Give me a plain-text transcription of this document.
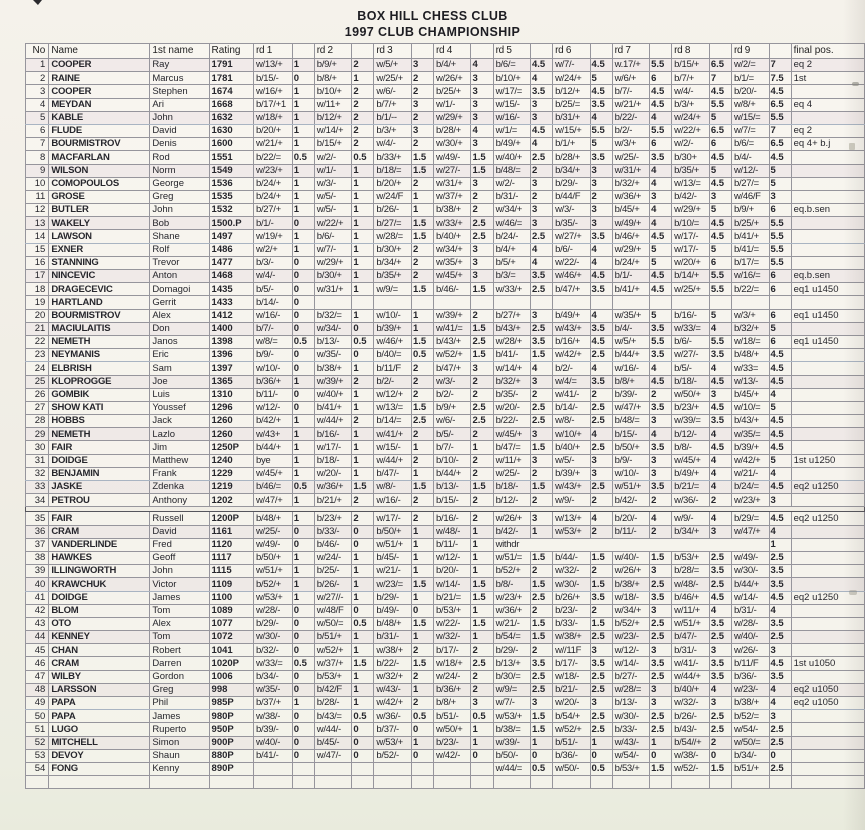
BOX HILL CHESS CLUB
1997 CLUB CHAMPIONSHIP
No	Name	1st name	Rating	rd 1		rd 2		rd 3		rd 4		rd 5		rd 6		rd 7		rd 8		rd 9		final pos.
1	COOPER	Ray	1791	w/13/+	1	b/9/+	2	w/5/+	3	b/4/+	4	b/6/=	4.5	w/7/-	4.5	w.17/+	5.5	b/15/+	6.5	w/2/=	7	eq 2
2	RAINE	Marcus	1781	b/15/-	0	b/8/+	1	w/25/+	2	w/26/+	3	b/10/+	4	w/24/+	5	w/6/+	6	b/7/+	7	b/1/=	7.5	1st
3	COOPER	Stephen	1674	w/16/+	1	b/10/+	2	w/6/-	2	b/25/+	3	w/17/=	3.5	b/12/+	4.5	b/7/-	4.5	w/4/-	4.5	b/20/-	4.5	
4	MEYDAN	Ari	1668	b/17/+1	1	w/11+	2	b/7/+	3	w/1/-	3	w/15/-	3	b/25/=	3.5	w/21/+	4.5	b/3/+	5.5	w/8/+	6.5	eq 4
5	KABLE	John	1632	w/18/+	1	b/12/+	2	b/1/--	2	w/29/+	3	w/16/-	3	b/31/+	4	b/22/-	4	w/24/+	5	w/15/=	5.5	
6	FLUDE	David	1630	b/20/+	1	w/14/+	2	b/3/+	3	b/28/+	4	w/1/=	4.5	w/15/+	5.5	b/2/-	5.5	w/22/+	6.5	w/7/=	7	eq 2
7	BOURMISTROV	Denis	1600	w/21/+	1	b/15/+	2	w/4/-	2	w/30/+	3	b/49/+	4	b/1/+	5	w/3/+	6	w/2/-	6	b/6/=	6.5	eq 4+ b.j
8	MACFARLAN	Rod	1551	b/22/=	0.5	w/2/-	0.5	b/33/+	1.5	w/49/-	1.5	w/40/+	2.5	b/28/+	3.5	w/25/-	3.5	b/30+	4.5	b/4/-	4.5	
9	WILSON	Norm	1549	w/23/+	1	w/1/-	1	b/18/=	1.5	w/27/-	1.5	b/48/=	2	b/34/+	3	w/31/+	4	b/35/+	5	w/12/-	5	
10	COMOPOULOS	George	1536	b/24/+	1	w/3/-	1	b/20/+	2	w/31/+	3	w/2/-	3	b/29/-	3	b/32/+	4	w/13/=	4.5	b/27/=	5	
11	GROSE	Greg	1535	b/24/+	1	w/5/-	1	w/24/F	1	w/37/+	2	b/31/-	2	b/44/F	2	w/36/+	3	b/42/-	3	w/46/F	3	
12	BUTLER	John	1532	b/27/+	1	w/5/-	1	b/26/-	1	b/38/+	2	w/34/+	3	w/3/-	3	b/45/+	4	w/29/+	5	b/9/+	6	eq.b.sen
13	WAKELY	Bob	1500.P	b/1/-	0	w/22/+	1	b/27/=	1.5	w/33/+	2.5	w/46/=	3	b/35/-	3	w/49/+	4	b/10/=	4.5	b/25/+	5.5	
14	LAWSON	Shane	1497	w/19/+	1	b/6/-	1	w/28/=	1.5	b/40/+	2.5	b/24/-	2.5	w/27/+	3.5	b/46/+	4.5	w/17/-	4.5	b/41/+	5.5	
15	EXNER	Rolf	1486	w/2/+	1	w/7/-	1	b/30/+	2	w/34/+	3	b/4/+	4	b/6/-	4	w/29/+	5	w/17/-	5	b/41/=	5.5	
16	STANNING	Trevor	1477	b/3/-	0	w/29/+	1	b/34/+	2	w/35/+	3	b/5/+	4	w/22/-	4	b/24/+	5	w/20/+	6	b/17/=	5.5	
17	NINCEVIC	Anton	1468	w/4/-	0	b/30/+	1	b/35/+	2	w/45/+	3	b/3/=	3.5	w/46/+	4.5	b/1/-	4.5	b/14/+	5.5	w/16/=	6	eq.b.sen
18	DRAGECEVIC	Domagoi	1435	b/5/-	0	w/31/+	1	w/9/=	1.5	b/46/-	1.5	w/33/+	2.5	b/47/+	3.5	b/41/+	4.5	w/25/+	5.5	b/22/=	6	eq1 u1450
19	HARTLAND	Gerrit	1433	b/14/-	0																	
20	BOURMISTROV	Alex	1412	w/16/-	0	b/32/=	1	w/10/-	1	w/39/+	2	b/27/+	3	b/49/+	4	w/35/+	5	b/16/-	5	w/3/+	6	eq1 u1450
21	MACIULAITIS	Don	1400	b/7/-	0	w/34/-	0	b/39/+	1	w/41/=	1.5	b/43/+	2.5	w/43/+	3.5	b/4/-	3.5	w/33/=	4	b/32/+	5	
22	NEMETH	Janos	1398	w/8/=	0.5	b/13/-	0.5	w/46/+	1.5	b/43/+	2.5	w/28/+	3.5	b/16/+	4.5	w/5/+	5.5	b/6/-	5.5	w/18/=	6	eq1 u1450
23	NEYMANIS	Eric	1396	b/9/-	0	w/35/-	0	b/40/=	0.5	w/52/+	1.5	b/41/-	1.5	w/42/+	2.5	b/44/+	3.5	w/27/-	3.5	b/48/+	4.5	
24	ELBRISH	Sam	1397	w/10/-	0	b/38/+	1	b/11/F	2	b/47/+	3	w/14/+	4	b/2/-	4	w/16/-	4	b/5/-	4	w/33=	4.5	
25	KLOPROGGE	Joe	1365	b/36/+	1	w/39/+	2	b/2/-	2	w/3/-	2	b/32/+	3	w/4/=	3.5	b/8/+	4.5	b/18/-	4.5	w/13/-	4.5	
26	GOMBIK	Luis	1310	b/11/-	0	w/40/+	1	w/12/+	2	b/2/-	2	b/35/-	2	w/41/-	2	b/39/-	2	w/50/+	3	b/45/+	4	
27	SHOW KATI	Youssef	1296	w/12/-	0	b/41/+	1	w/13/=	1.5	b/9/+	2.5	w/20/-	2.5	b/14/-	2.5	w/47/+	3.5	b/23/+	4.5	w/10/=	5	
28	HOBBS	Jack	1260	b/42/+	1	w/44/+	2	b/14/=	2.5	w/6/-	2.5	b/22/-	2.5	w/8/-	2.5	b/48/=	3	w/39/=	3.5	b/43/+	4.5	
29	NEMETH	Lazlo	1260	w/43+	1	b/16/-	1	w/41/+	2	b/5/-	2	w/45/+	3	w/10/+	4	b/15/-	4	b/12/-	4	w/35/=	4.5	
30	FAIR	Jim	1250P	b/44/+	1	w/17/-	1	w/15/-	1	b/7/-	1	b/47/=	1.5	b/40/+	2.5	b/50/+	3.5	b/8/-	4.5	b/39/+	4.5	
31	DOIDGE	Matthew	1240	bye	1	b/18/-	1	w/44/+	2	b/10/-	2	w/11/+	3	w/5/-	3	b/9/-	3	w/45/+	4	w/42/+	5	1st u1250
32	BENJAMIN	Frank	1229	w/45/+	1	w/20/-	1	b/47/-	1	b/44/+	2	w/25/-	2	b/39/+	3	w/10/-	3	b/49/+	4	w/21/-	4	
33	JASKE	Zdenka	1219	b/46/=	0.5	w/36/+	1.5	w/8/-	1.5	b/13/-	1.5	b/18/-	1.5	w/43/+	2.5	w/51/+	3.5	b/21/=	4	b/24/=	4.5	eq2 u1250
34	PETROU	Anthony	1202	w/47/+	1	b/21/+	2	w/16/-	2	b/15/-	2	b/12/-	2	w/9/-	2	b/42/-	2	w/36/-	2	w/23/+	3	

35	FAIR	Russell	1200P	b/48/+	1	b/23/+	2	w/17/-	2	b/16/-	2	w/26/+	3	w/13/+	4	b/20/-	4	w/9/-	4	b/29/=	4.5	eq2 u1250
36	CRAM	David	1161	w/25/-	0	b/33/-	0	b/50/+	1	w/48/-	1	b/42/-	1	w/53/+	2	b/11/-	2	b/34/+	3	w/47/+	4	
37	VANDERLINDE	Fred	1120	w/49/-	0	b/46/-	0	w/51/+	1	b/11/-	1	withdr									1	
38	HAWKES	Geoff	1117	b/50/+	1	w/24/-	1	b/45/-	1	w/12/-	1	w/51/=	1.5	b/44/-	1.5	w/40/-	1.5	b/53/+	2.5	w/49/-	2.5	
39	ILLINGWORTH	John	1115	w/51/+	1	b/25/-	1	w/21/-	1	b/20/-	1	b/52/+	2	w/32/-	2	w/26/+	3	b/28/=	3.5	w/30/-	3.5	
40	KRAWCHUK	Victor	1109	b/52/+	1	b/26/-	1	w/23/=	1.5	w/14/-	1.5	b/8/-	1.5	w/30/-	1.5	b/38/+	2.5	w/48/-	2.5	b/44/+	3.5	
41	DOIDGE	James	1100	w/53/+	1	w/27//-	1	b/29/-	1	b/21/=	1.5	w/23/+	2.5	b/26/+	3.5	w/18/-	3.5	b/46/+	4.5	w/14/-	4.5	eq2 u1250
42	BLOM	Tom	1089	w/28/-	0	w/48/F	0	b/49/-	0	b/53/+	1	w/36/+	2	b/23/-	2	w/34/+	3	w/11/+	4	b/31/-	4	
43	OTO	Alex	1077	b/29/-	0	w/50/=	0.5	b/48/+	1.5	w/22/-	1.5	w/21/-	1.5	b/33/-	1.5	b/52/+	2.5	w/51/+	3.5	w/28/-	3.5	
44	KENNEY	Tom	1072	w/30/-	0	b/51/+	1	b/31/-	1	w/32/-	1	b/54/=	1.5	w/38/+	2.5	w/23/-	2.5	b/47/-	2.5	w/40/-	2.5	
45	CHAN	Robert	1041	b/32/-	0	w/52/+	1	w/38/+	2	b/17/-	2	b/29/-	2	w//11F	3	w/12/-	3	b/31/-	3	w/26/-	3	
46	CRAM	Darren	1020P	w/33/=	0.5	w/37/+	1.5	b/22/-	1.5	w/18/+	2.5	b/13/+	3.5	b/17/-	3.5	w/14/-	3.5	w/41/-	3.5	b/11/F	4.5	1st u1050
47	WILBY	Gordon	1006	b/34/-	0	b/53/+	1	w/32/+	2	w/24/-	2	b/30/=	2.5	w/18/-	2.5	b/27/-	2.5	w/44/+	3.5	b/36/-	3.5	
48	LARSSON	Greg	998	w/35/-	0	b/42/F	1	w/43/-	1	b/36/+	2	w/9/=	2.5	b/21/-	2.5	w/28/=	3	b/40/+	4	w/23/-	4	eq2 u1050
49	PAPA	Phil	985P	b/37/+	1	b/28/-	1	w/42/+	2	b/8/+	3	w/7/-	3	w/20/-	3	b/13/-	3	w/32/-	3	b/38/+	4	eq2 u1050
50	PAPA	James	980P	w/38/-	0	b/43/=	0.5	w/36/-	0.5	b/51/-	0.5	w/53/+	1.5	b/54/+	2.5	w/30/-	2.5	b/26/-	2.5	b/52/=	3	
51	LUGO	Ruperto	950P	b/39/-	0	w/44/-	0	b/37/-	0	w/50/+	1	b/38/=	1.5	w/52/+	2.5	b/33/-	2.5	b/43/-	2.5	w/54/-	2.5	
52	MITCHELL	Simon	900P	w/40/-	0	b/45/-	0	w/53/+	1	b/23/-	1	w/39/-	1	b/51/-	1	w/43/-	1	b/54//+	2	w/50/=	2.5	
53	DEVOY	Shaun	880P	b/41/-	0	w/47/-	0	b/52/-	0	w/42/-	0	b/50/-	0	b/36/-	0	w/54/-	0	w/38/-	0	b/34/-	0	
54	FONG	Kenny	890P									w/44/=	0.5	w/50/-	0.5	b/53/+	1.5	w/52/-	1.5	b/51/+	2.5	
